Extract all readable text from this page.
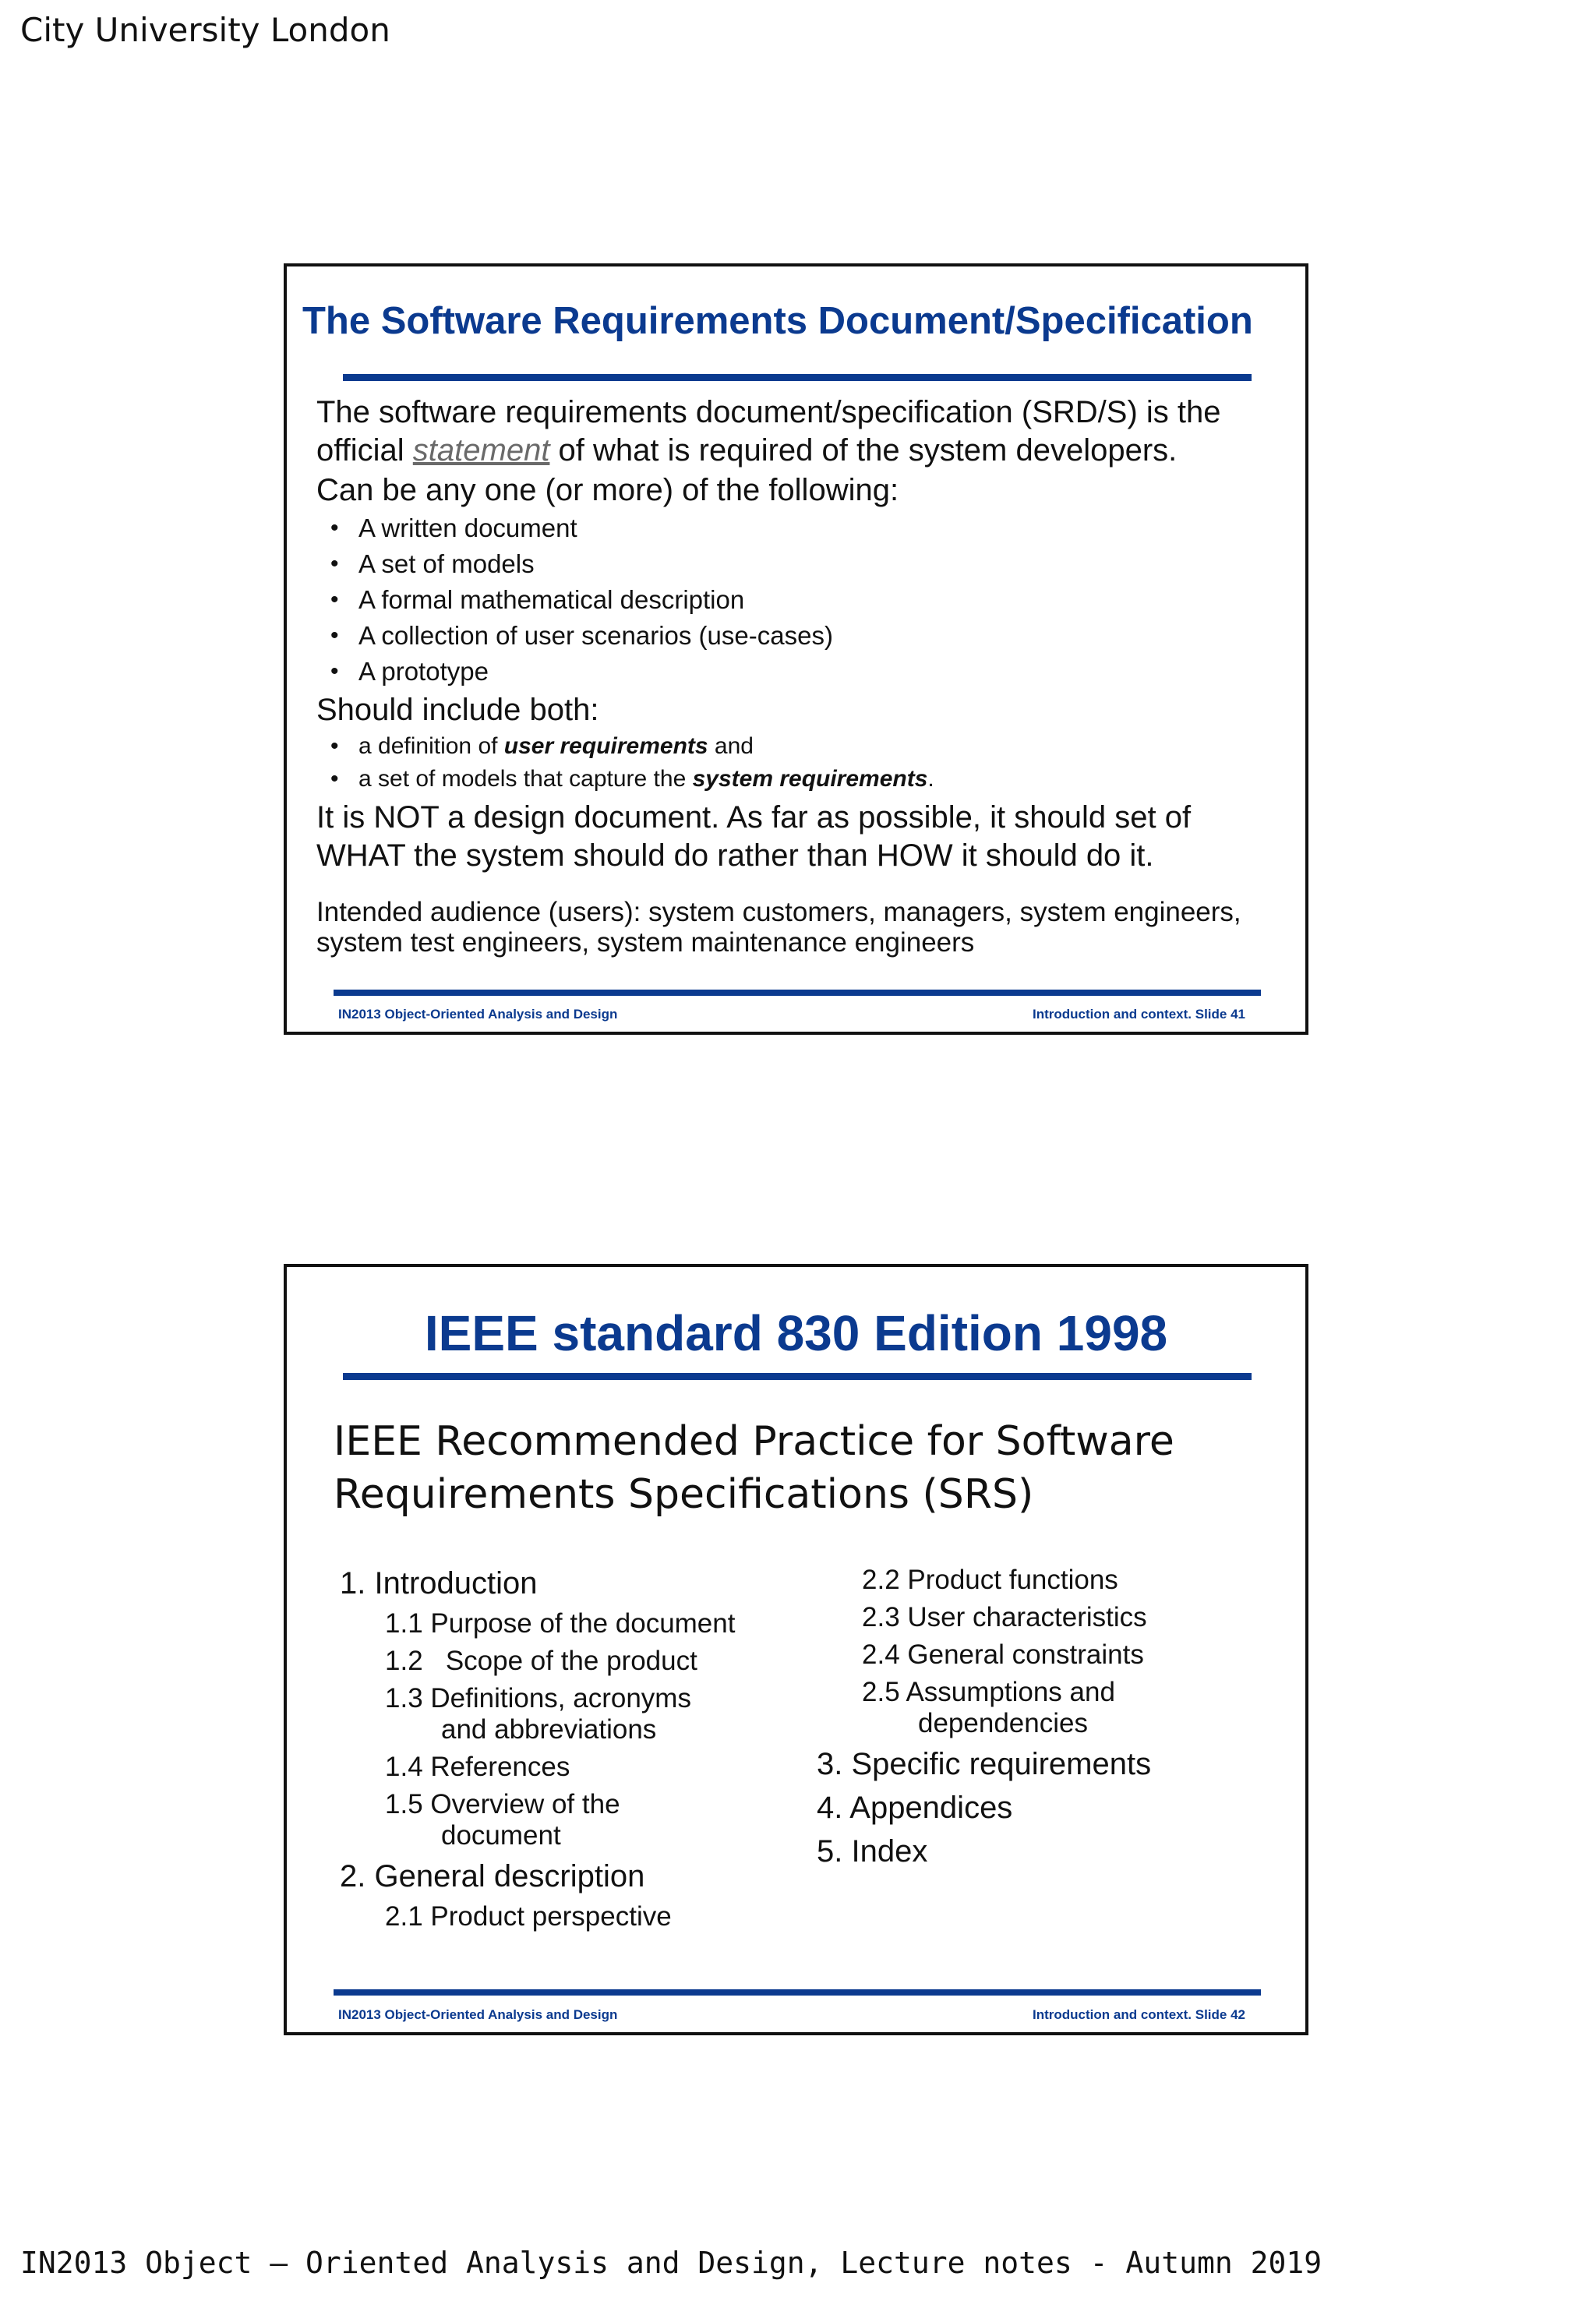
City University London
The Software Requirements Document/Specification
The software requirements document/specification (SRD/S) is the
official statement of what is required of the system developers.
Can be any one (or more) of the following:
• A written document
• A set of models
• A formal mathematical description
• A collection of user scenarios (use-cases)
• A prototype
Should include both:
• a definition of user requirements and
• a set of models that capture the system requirements.
It is NOT a design document. As far as possible, it should set of
WHAT the system should do rather than HOW it should do it.
Intended audience (users): system customers, managers, system engineers,
system test engineers, system maintenance engineers
IN2013 Object-Oriented Analysis and Design	Introduction and context. Slide 41
IEEE standard 830 Edition 1998
IEEE Recommended Practice for Software
Requirements Specifications (SRS)
1. Introduction
1.1 Purpose of the document
1.2   Scope of the product
1.3 Definitions, acronyms
and abbreviations
1.4 References
1.5 Overview of the
document
2. General description
2.1 Product perspective
2.2 Product functions
2.3 User characteristics
2.4 General constraints
2.5 Assumptions and
dependencies
3. Specific requirements
4. Appendices
5. Index
IN2013 Object-Oriented Analysis and Design	Introduction and context. Slide 42
IN2013 Object – Oriented Analysis and Design, Lecture notes - Autumn 2019
